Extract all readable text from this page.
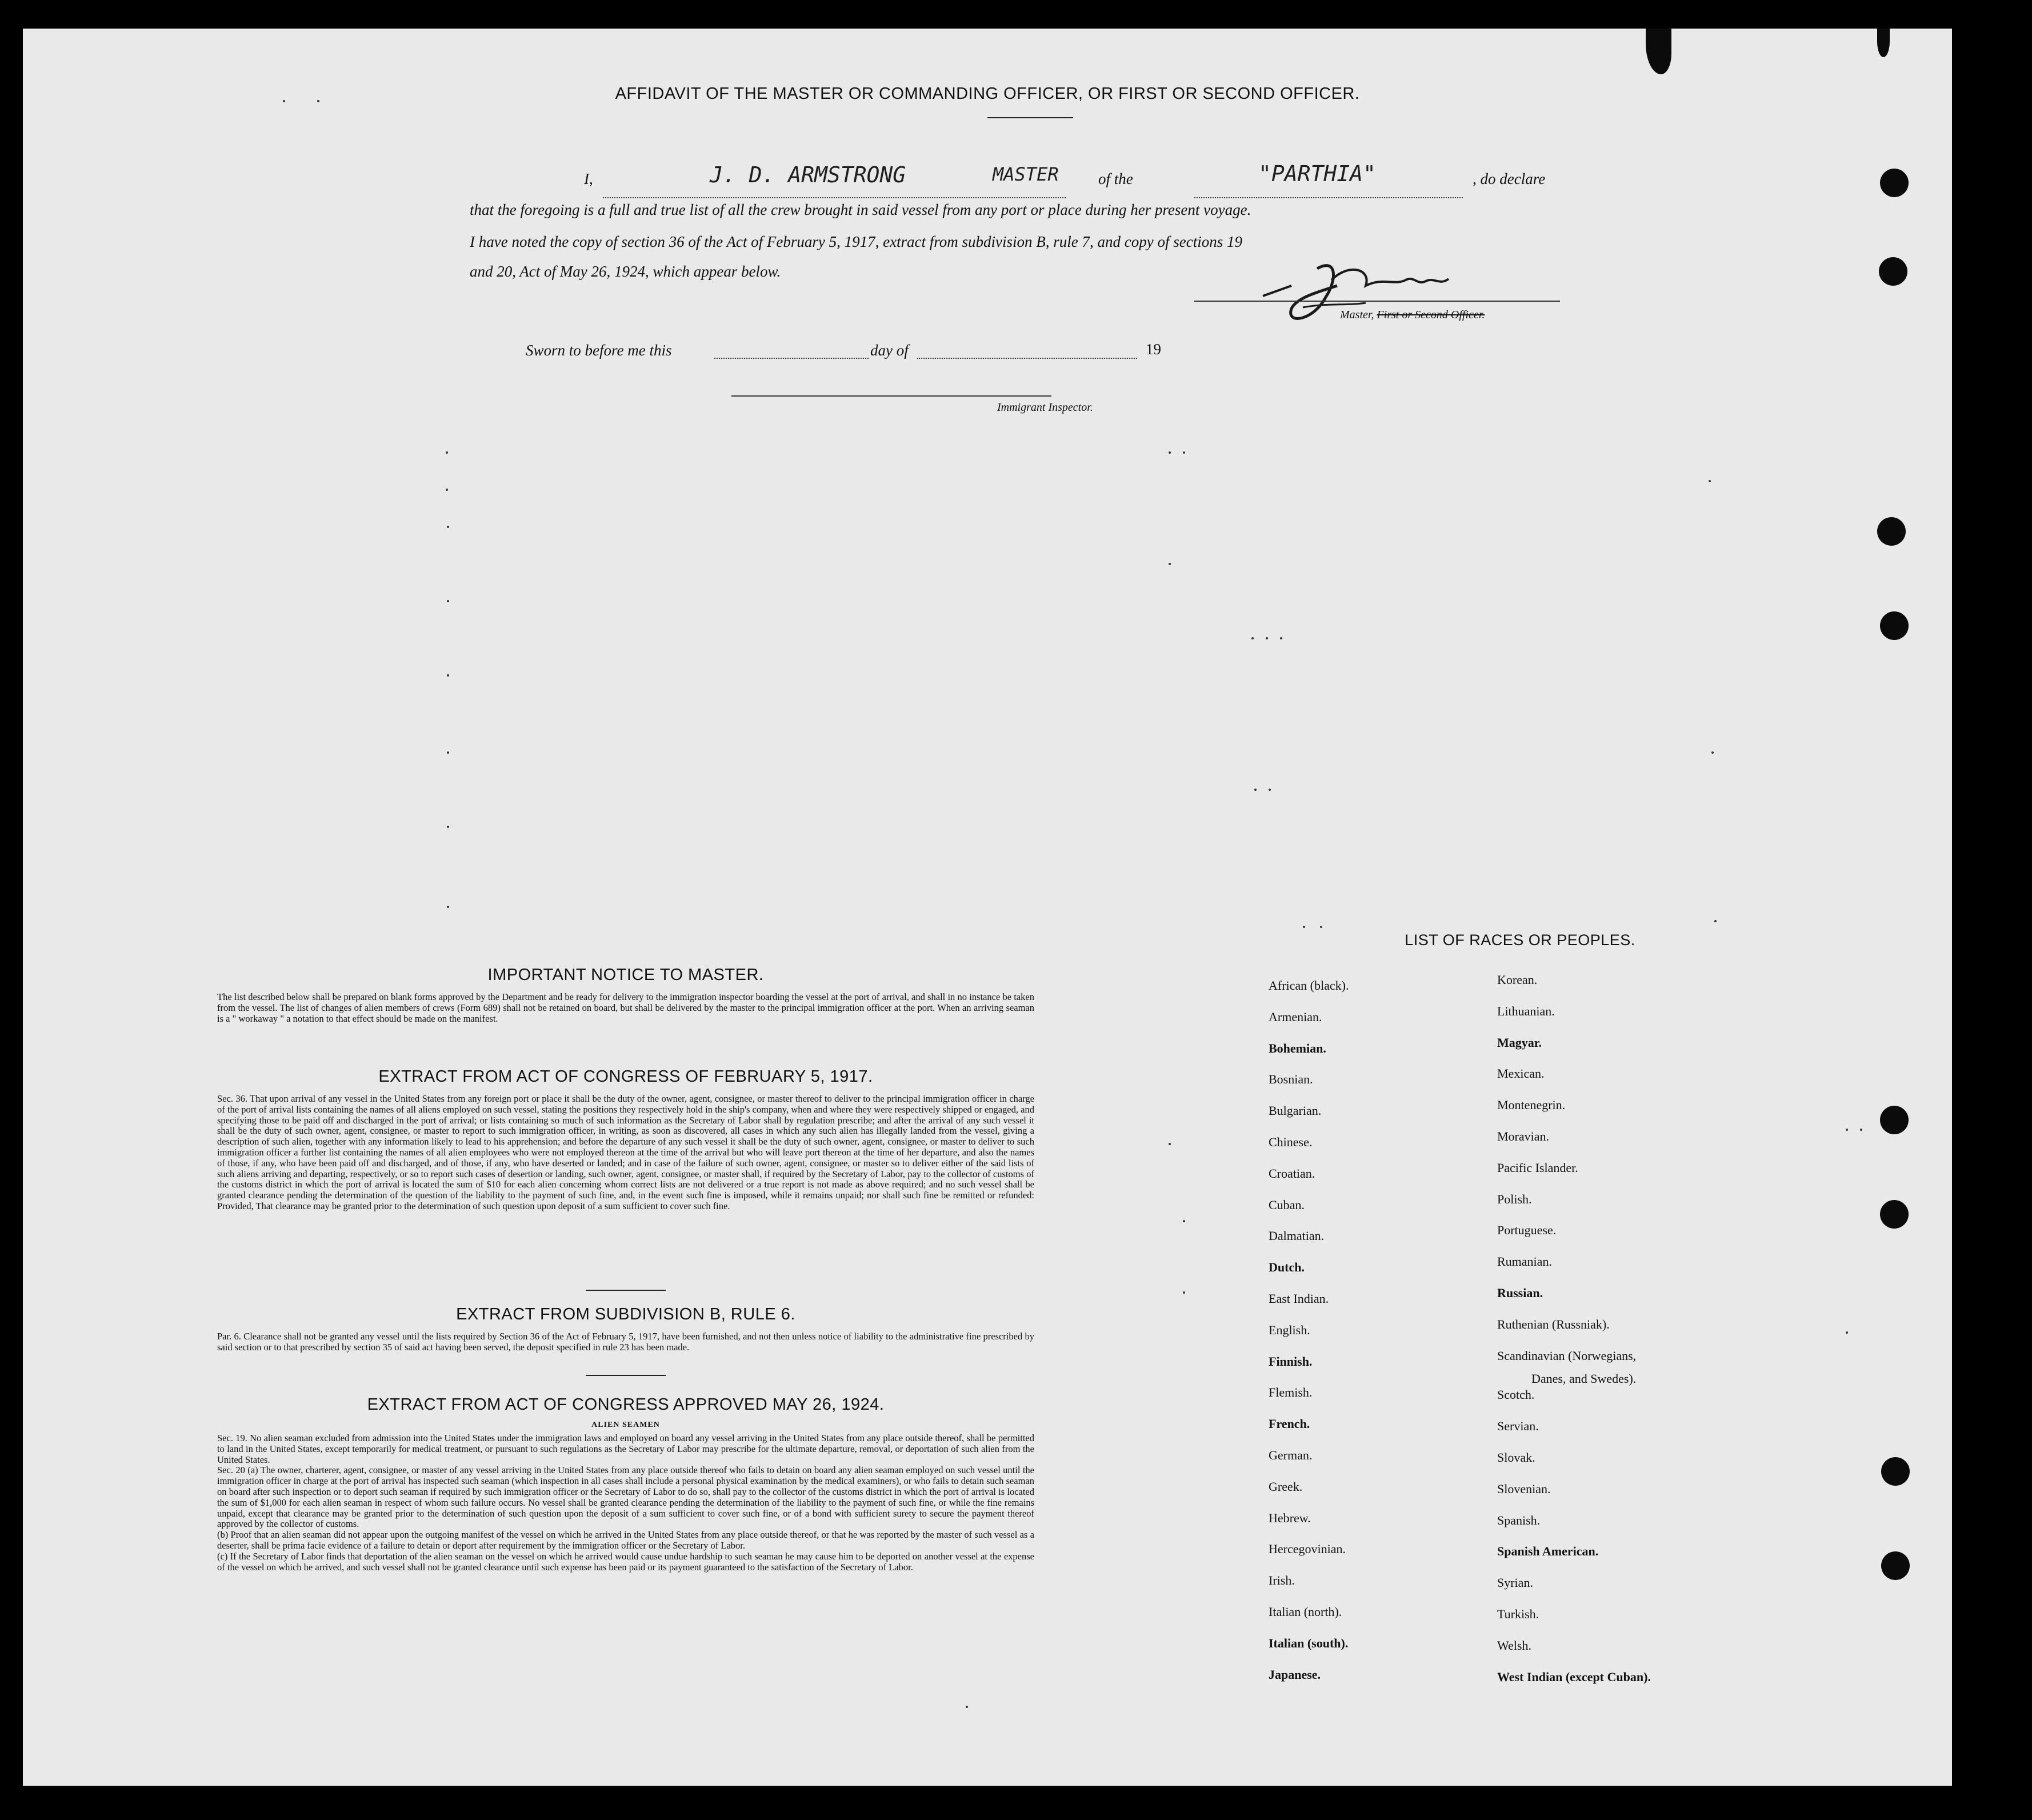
AFFIDAVIT OF THE MASTER OR COMMANDING OFFICER, OR FIRST OR SECOND OFFICER.
I,	J. D. ARMSTRONG	MASTER	of the	"PARTHIA"	, do declare
that the foregoing is a full and true list of all the crew brought in said vessel from any port or place during her present voyage.
I have noted the copy of section 36 of the Act of February 5, 1917, extract from subdivision B, rule 7, and copy of sections 19
and 20, Act of May 26, 1924, which appear below.
Master, First or Second Officer.
Sworn to before me this	day of	19
Immigrant Inspector.
IMPORTANT NOTICE TO MASTER.
The list described below shall be prepared on blank forms approved by the Department and be ready for delivery to the immigration inspector boarding the vessel at the port of arrival, and shall in no instance be taken from the vessel. The list of changes of alien members of crews (Form 689) shall not be retained on board, but shall be delivered by the master to the principal immigration officer at the port. When an arriving seaman is a " workaway " a notation to that effect should be made on the manifest.
EXTRACT FROM ACT OF CONGRESS OF FEBRUARY 5, 1917.
Sec. 36. That upon arrival of any vessel in the United States from any foreign port or place it shall be the duty of the owner, agent, consignee, or master thereof to deliver to the principal immigration officer in charge of the port of arrival lists containing the names of all aliens employed on such vessel, stating the positions they respectively hold in the ship's company, when and where they were respectively shipped or engaged, and specifying those to be paid off and discharged in the port of arrival; or lists containing so much of such information as the Secretary of Labor shall by regulation prescribe; and after the arrival of any such vessel it shall be the duty of such owner, agent, consignee, or master to report to such immigration officer, in writing, as soon as discovered, all cases in which any such alien has illegally landed from the vessel, giving a description of such alien, together with any information likely to lead to his apprehension; and before the departure of any such vessel it shall be the duty of such owner, agent, consignee, or master to deliver to such immigration officer a further list containing the names of all alien employees who were not employed thereon at the time of the arrival but who will leave port thereon at the time of her departure, and also the names of those, if any, who have been paid off and discharged, and of those, if any, who have deserted or landed; and in case of the failure of such owner, agent, consignee, or master so to deliver either of the said lists of such aliens arriving and departing, respectively, or so to report such cases of desertion or landing, such owner, agent, consignee, or master shall, if required by the Secretary of Labor, pay to the collector of customs of the customs district in which the port of arrival is located the sum of $10 for each alien concerning whom correct lists are not delivered or a true report is not made as above required; and no such vessel shall be granted clearance pending the determination of the question of the liability to the payment of such fine, and, in the event such fine is imposed, while it remains unpaid; nor shall such fine be remitted or refunded: Provided, That clearance may be granted prior to the determination of such question upon deposit of a sum sufficient to cover such fine.
EXTRACT FROM SUBDIVISION B, RULE 6.
Par. 6. Clearance shall not be granted any vessel until the lists required by Section 36 of the Act of February 5, 1917, have been furnished, and not then unless notice of liability to the administrative fine prescribed by said section or to that prescribed by section 35 of said act having been served, the deposit specified in rule 23 has been made.
EXTRACT FROM ACT OF CONGRESS APPROVED MAY 26, 1924.
ALIEN SEAMEN

Sec. 19. No alien seaman excluded from admission into the United States under the immigration laws and employed on board any vessel arriving in the United States from any place outside thereof, shall be permitted to land in the United States, except temporarily for medical treatment, or pursuant to such regulations as the Secretary of Labor may prescribe for the ultimate departure, removal, or deportation of such alien from the United States.

Sec. 20 (a) The owner, charterer, agent, consignee, or master of any vessel arriving in the United States from any place outside thereof who fails to detain on board any alien seaman employed on such vessel until the immigration officer in charge at the port of arrival has inspected such seaman (which inspection in all cases shall include a personal physical examination by the medical examiners), or who fails to detain such seaman on board after such inspection or to deport such seaman if required by such immigration officer or the Secretary of Labor to do so, shall pay to the collector of the customs district in which the port of arrival is located the sum of $1,000 for each alien seaman in respect of whom such failure occurs. No vessel shall be granted clearance pending the determination of the liability to the payment of such fine, or while the fine remains unpaid, except that clearance may be granted prior to the determination of such question upon the deposit of a sum sufficient to cover such fine, or of a bond with sufficient surety to secure the payment thereof approved by the collector of customs.

(b) Proof that an alien seaman did not appear upon the outgoing manifest of the vessel on which he arrived in the United States from any place outside thereof, or that he was reported by the master of such vessel as a deserter, shall be prima facie evidence of a failure to detain or deport after requirement by the immigration officer or the Secretary of Labor.

(c) If the Secretary of Labor finds that deportation of the alien seaman on the vessel on which he arrived would cause undue hardship to such seaman he may cause him to be deported on another vessel at the expense of the vessel on which he arrived, and such vessel shall not be granted clearance until such expense has been paid or its payment guaranteed to the satisfaction of the Secretary of Labor.

LIST OF RACES OR PEOPLES.
Danes, and Swedes).
African (black).
Armenian.
Bohemian.
Bosnian.
Bulgarian.
Chinese.
Croatian.
Cuban.
Dalmatian.
Dutch.
East Indian.
English.
Finnish.
Flemish.
French.
German.
Greek.
Hebrew.
Hercegovinian.
Irish.
Italian (north).
Italian (south).
Japanese.
Korean.
Lithuanian.
Magyar.
Mexican.
Montenegrin.
Moravian.
Pacific Islander.
Polish.
Portuguese.
Rumanian.
Russian.
Ruthenian (Russniak).
Scandinavian (Norwegians,
Scotch.
Servian.
Slovak.
Slovenian.
Spanish.
Spanish American.
Syrian.
Turkish.
Welsh.
West Indian (except Cuban).
